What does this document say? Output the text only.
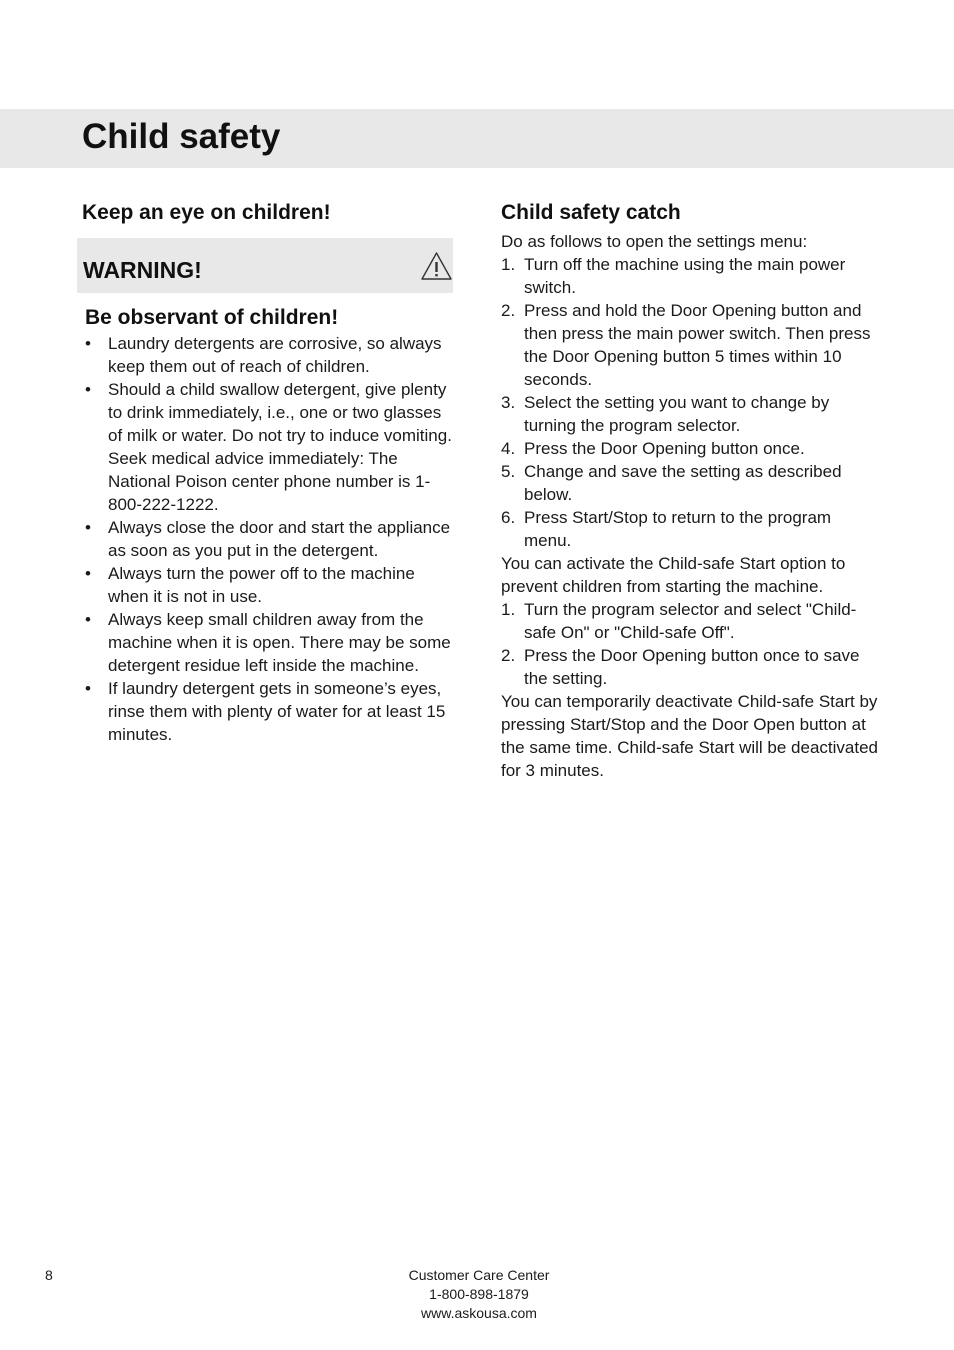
Child safety
Keep an eye on children!
WARNING!
Be observant of children!
• Laundry detergents are corrosive, so always keep them out of reach of children.
• Should a child swallow detergent, give plenty to drink immediately, i.e., one or two glasses of milk or water. Do not try to induce vomiting. Seek medical advice immediately: The National Poison center phone number is 1-800-222-1222.
• Always close the door and start the appliance as soon as you put in the detergent.
• Always turn the power off to the machine when it is not in use.
• Always keep small children away from the machine when it is open. There may be some detergent residue left inside the machine.
• If laundry detergent gets in someone’s eyes, rinse them with plenty of water for at least 15 minutes.
Child safety catch

Do as follows to open the settings menu:

1. Turn off the machine using the main power switch.
2. Press and hold the Door Opening button and then press the main power switch. Then press the Door Opening button 5 times within 10 seconds.
3. Select the setting you want to change by turning the program selector.
4. Press the Door Opening button once.
5. Change and save the setting as described below.
6. Press Start/Stop to return to the program menu.

You can activate the Child-safe Start option to prevent children from starting the machine.

1. Turn the program selector and select "Child-safe On" or "Child-safe Off".
2. Press the Door Opening button once to save the setting.

You can temporarily deactivate Child-safe Start by pressing Start/Stop and the Door Open button at the same time. Child-safe Start will be deactivated for 3 minutes.

8	Customer Care Center
1-800-898-1879
www.askousa.com
